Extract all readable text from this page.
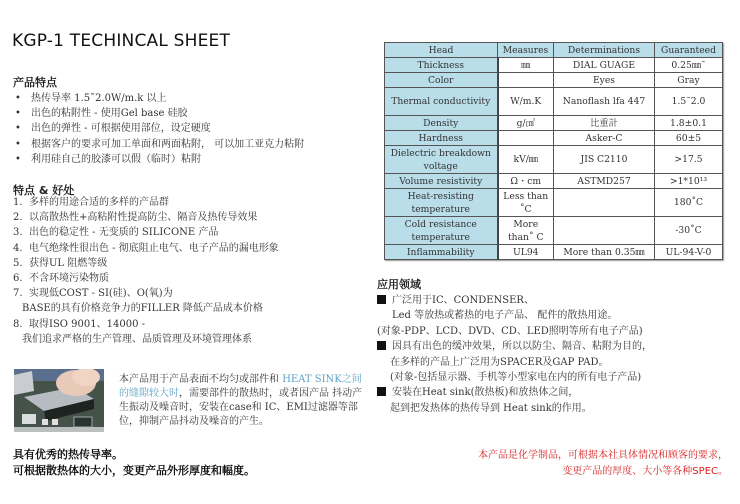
KGP-1 TECHINCAL SHEET
产品特点
•	热传导率 1.5˜2.0W/m.k 以上
•	出色的粘附性 - 使用Gel base 硅胶
•	出色的弹性 - 可根据使用部位，设定硬度
•	根据客户的要求可加工单面和两面粘附， 可以加工亚克力粘附
•	利用硅自己的胶漆可以假（临时）粘附
特点 & 好处
1. 多样的用途合适的多样的产品群
2. 以高散热性+高粘附性提高防尘、隔音及热传导效果
3. 出色的稳定性 - 无变质的 SILICONE 产品
4. 电气绝缘性很出色 - 彻底阻止电气、电子产品的漏电形象
5. 获得UL 阻燃等级
6. 不含环境污染物质
7. 实现低COST - SI(硅)、O(氧)为
BASE的具有价格竞争力的FILLER 降低产品成本价格
8. 取得ISO 9001、14000 -
我们追求严格的生产管理、品质管理及环境管理体系
本产品用于产品表面不均匀或部件和 HEAT SINK之间的缝隙较大时，需要部件的散热时，或者因产品 抖动产生振动及噪音时，安装在case和 IC、EMI过滤器等部位，抑制产品抖动及噪音的产生。
具有优秀的热传导率。
可根据散热体的大小，变更产品外形厚度和幅度。
Head	Measures	Determinations	Guaranteed
Thickness	㎜	DIAL GUAGE	0.25㎜˜
Color		Eyes	Gray
Thermal conductivity	W/m.K	Nanoflash lfa 447	1.5˜2.0
Density	g/㎤	比重計	1.8±0.1
Hardness		Asker-C	60±5
Dielectric breakdown voltage	kV/㎜	JIS C2110	>17.5
Volume resistivity	Ω・cm	ASTMD257	>1*10¹³
Heat-resisting temperature	Less than ˚C		180˚C
Cold resistance temperature	More than˚ C		-30˚C
Inflammability	UL94	More than 0.35㎜	UL-94-V-0
应用领域
广泛用于IC、CONDENSER、
Led 等放热或蓄热的电子产品、 配件的散热用途。
(对象-PDP、LCD、DVD、CD、LED照明等所有电子产品)
因具有出色的缓冲效果，所以以防尘、隔音、粘附为目的，
在多样的产品上广泛用为SPACER及GAP PAD。
(对象-包括显示器、手机等小型家电在内的所有电子产品)
安装在Heat sink(散热板)和放热体之间，
起到把发热体的热传导到 Heat sink的作用。
本产品是化学制品，可根据本社具体情况和顾客的要求，
变更产品的厚度、大小等各种SPEC。
